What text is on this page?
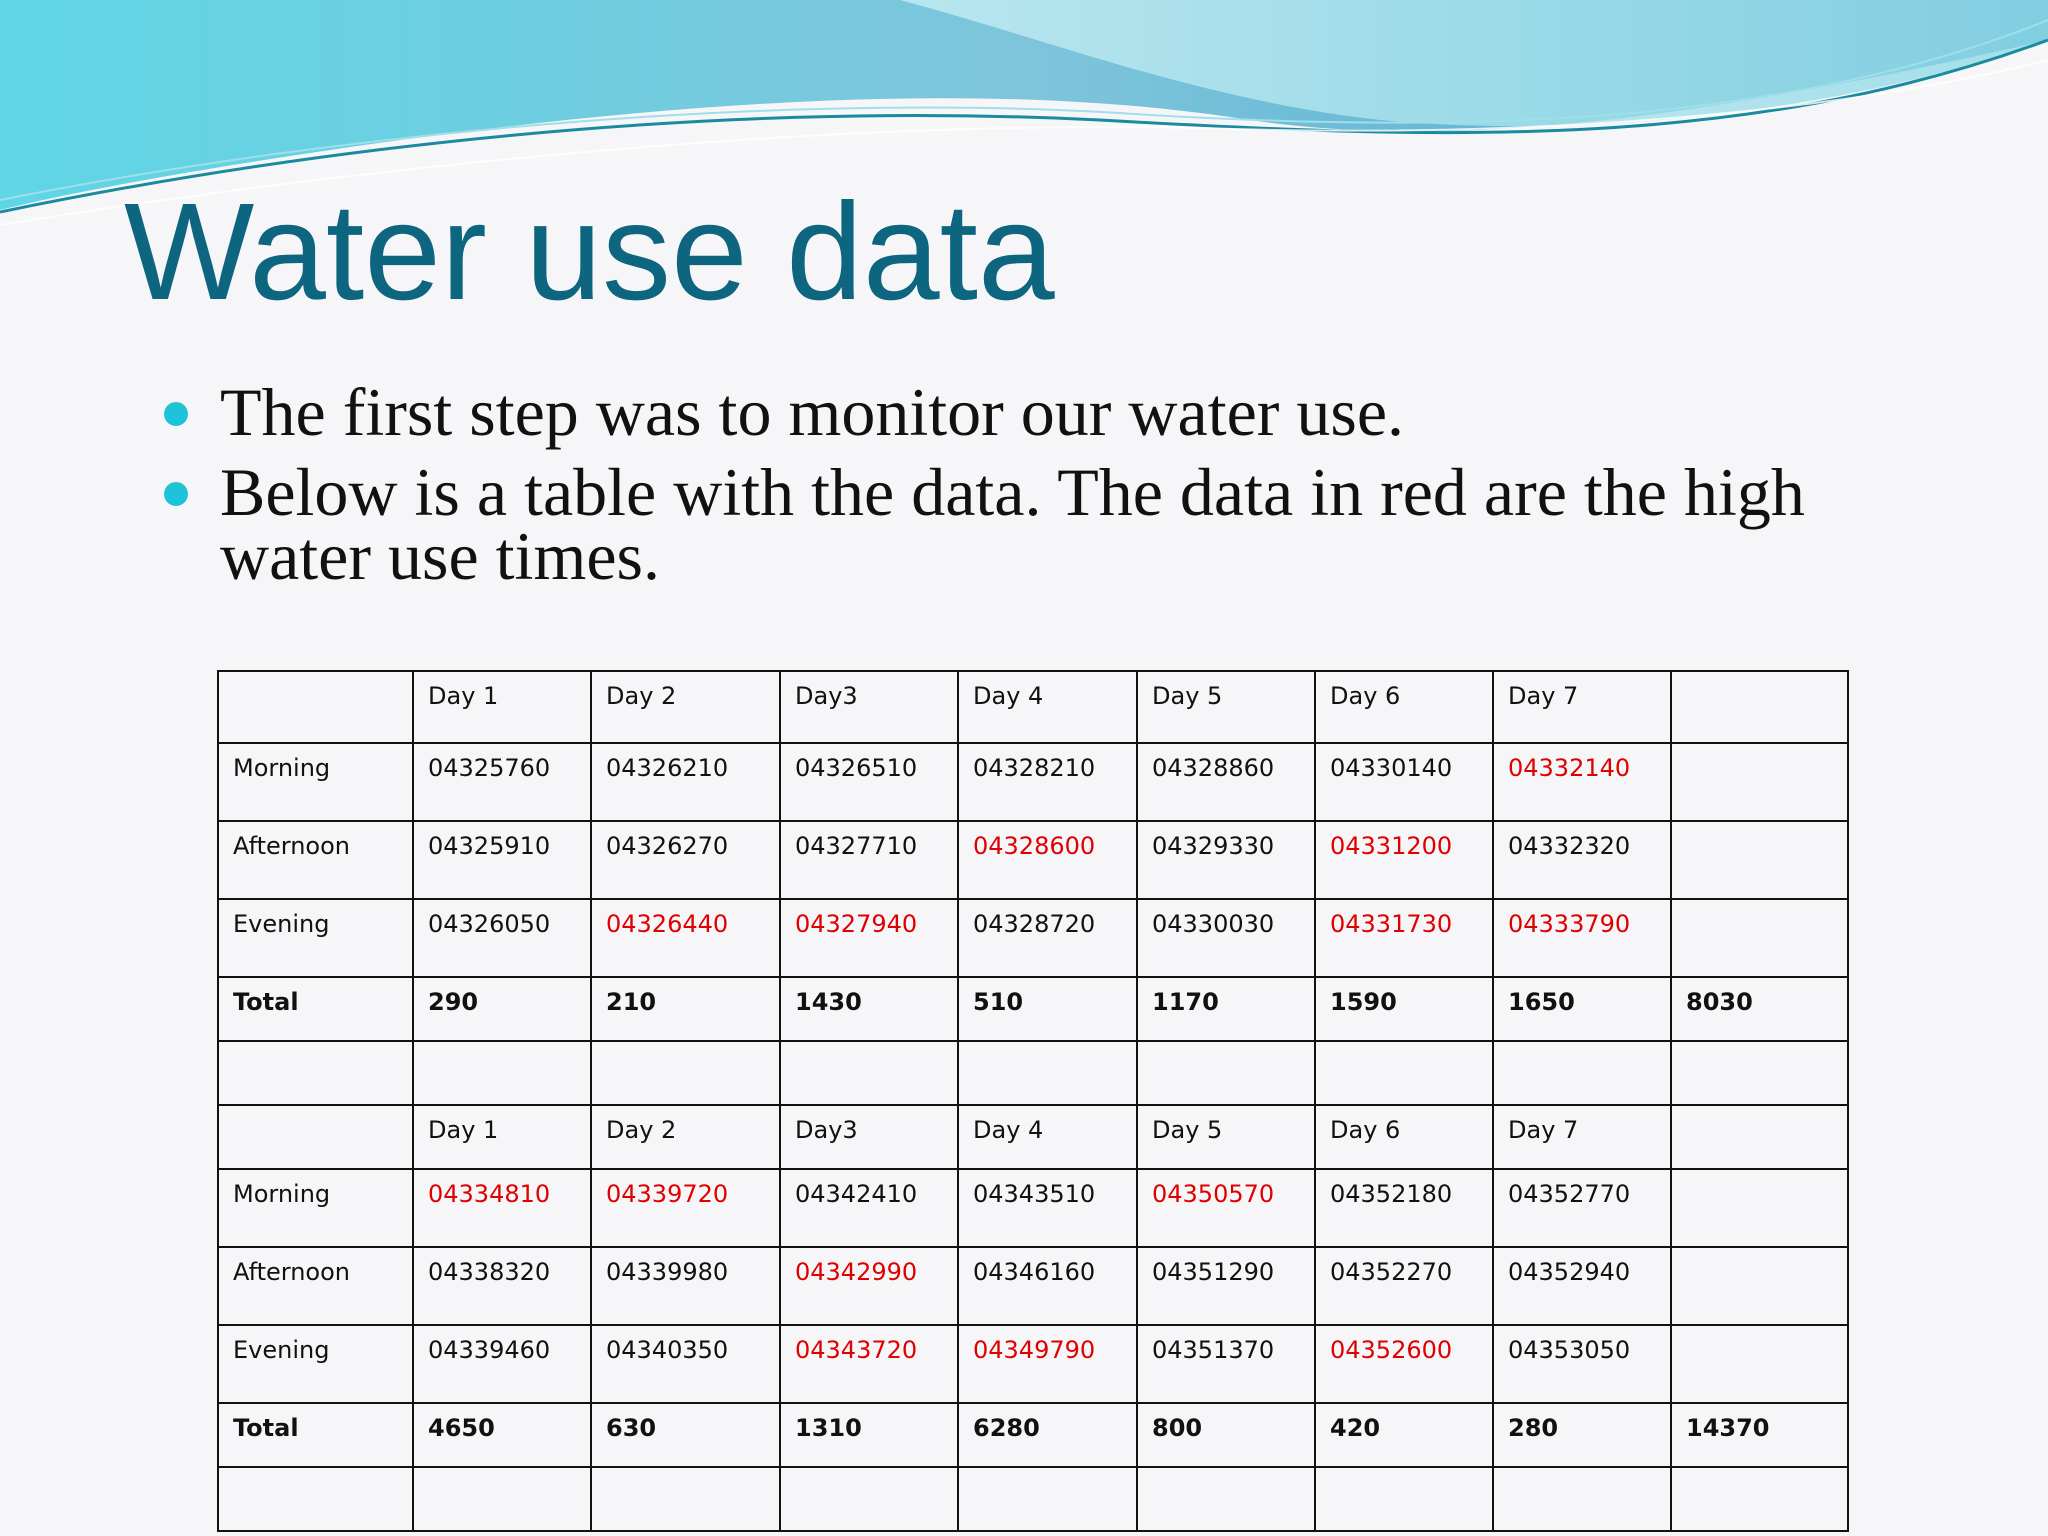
Water use data
The first step was to monitor our water use.
Below is a table with the data. The data in red are the high water use times.
	Day 1	Day 2	Day3	Day 4	Day 5	Day 6	Day 7	
Morning	04325760	04326210	04326510	04328210	04328860	04330140	04332140	
Afternoon	04325910	04326270	04327710	04328600	04329330	04331200	04332320	
Evening	04326050	04326440	04327940	04328720	04330030	04331730	04333790	
Total	290	210	1430	510	1170	1590	1650	8030

	Day 1	Day 2	Day3	Day 4	Day 5	Day 6	Day 7	
Morning	04334810	04339720	04342410	04343510	04350570	04352180	04352770	
Afternoon	04338320	04339980	04342990	04346160	04351290	04352270	04352940	
Evening	04339460	04340350	04343720	04349790	04351370	04352600	04353050	
Total	4650	630	1310	6280	800	420	280	14370
